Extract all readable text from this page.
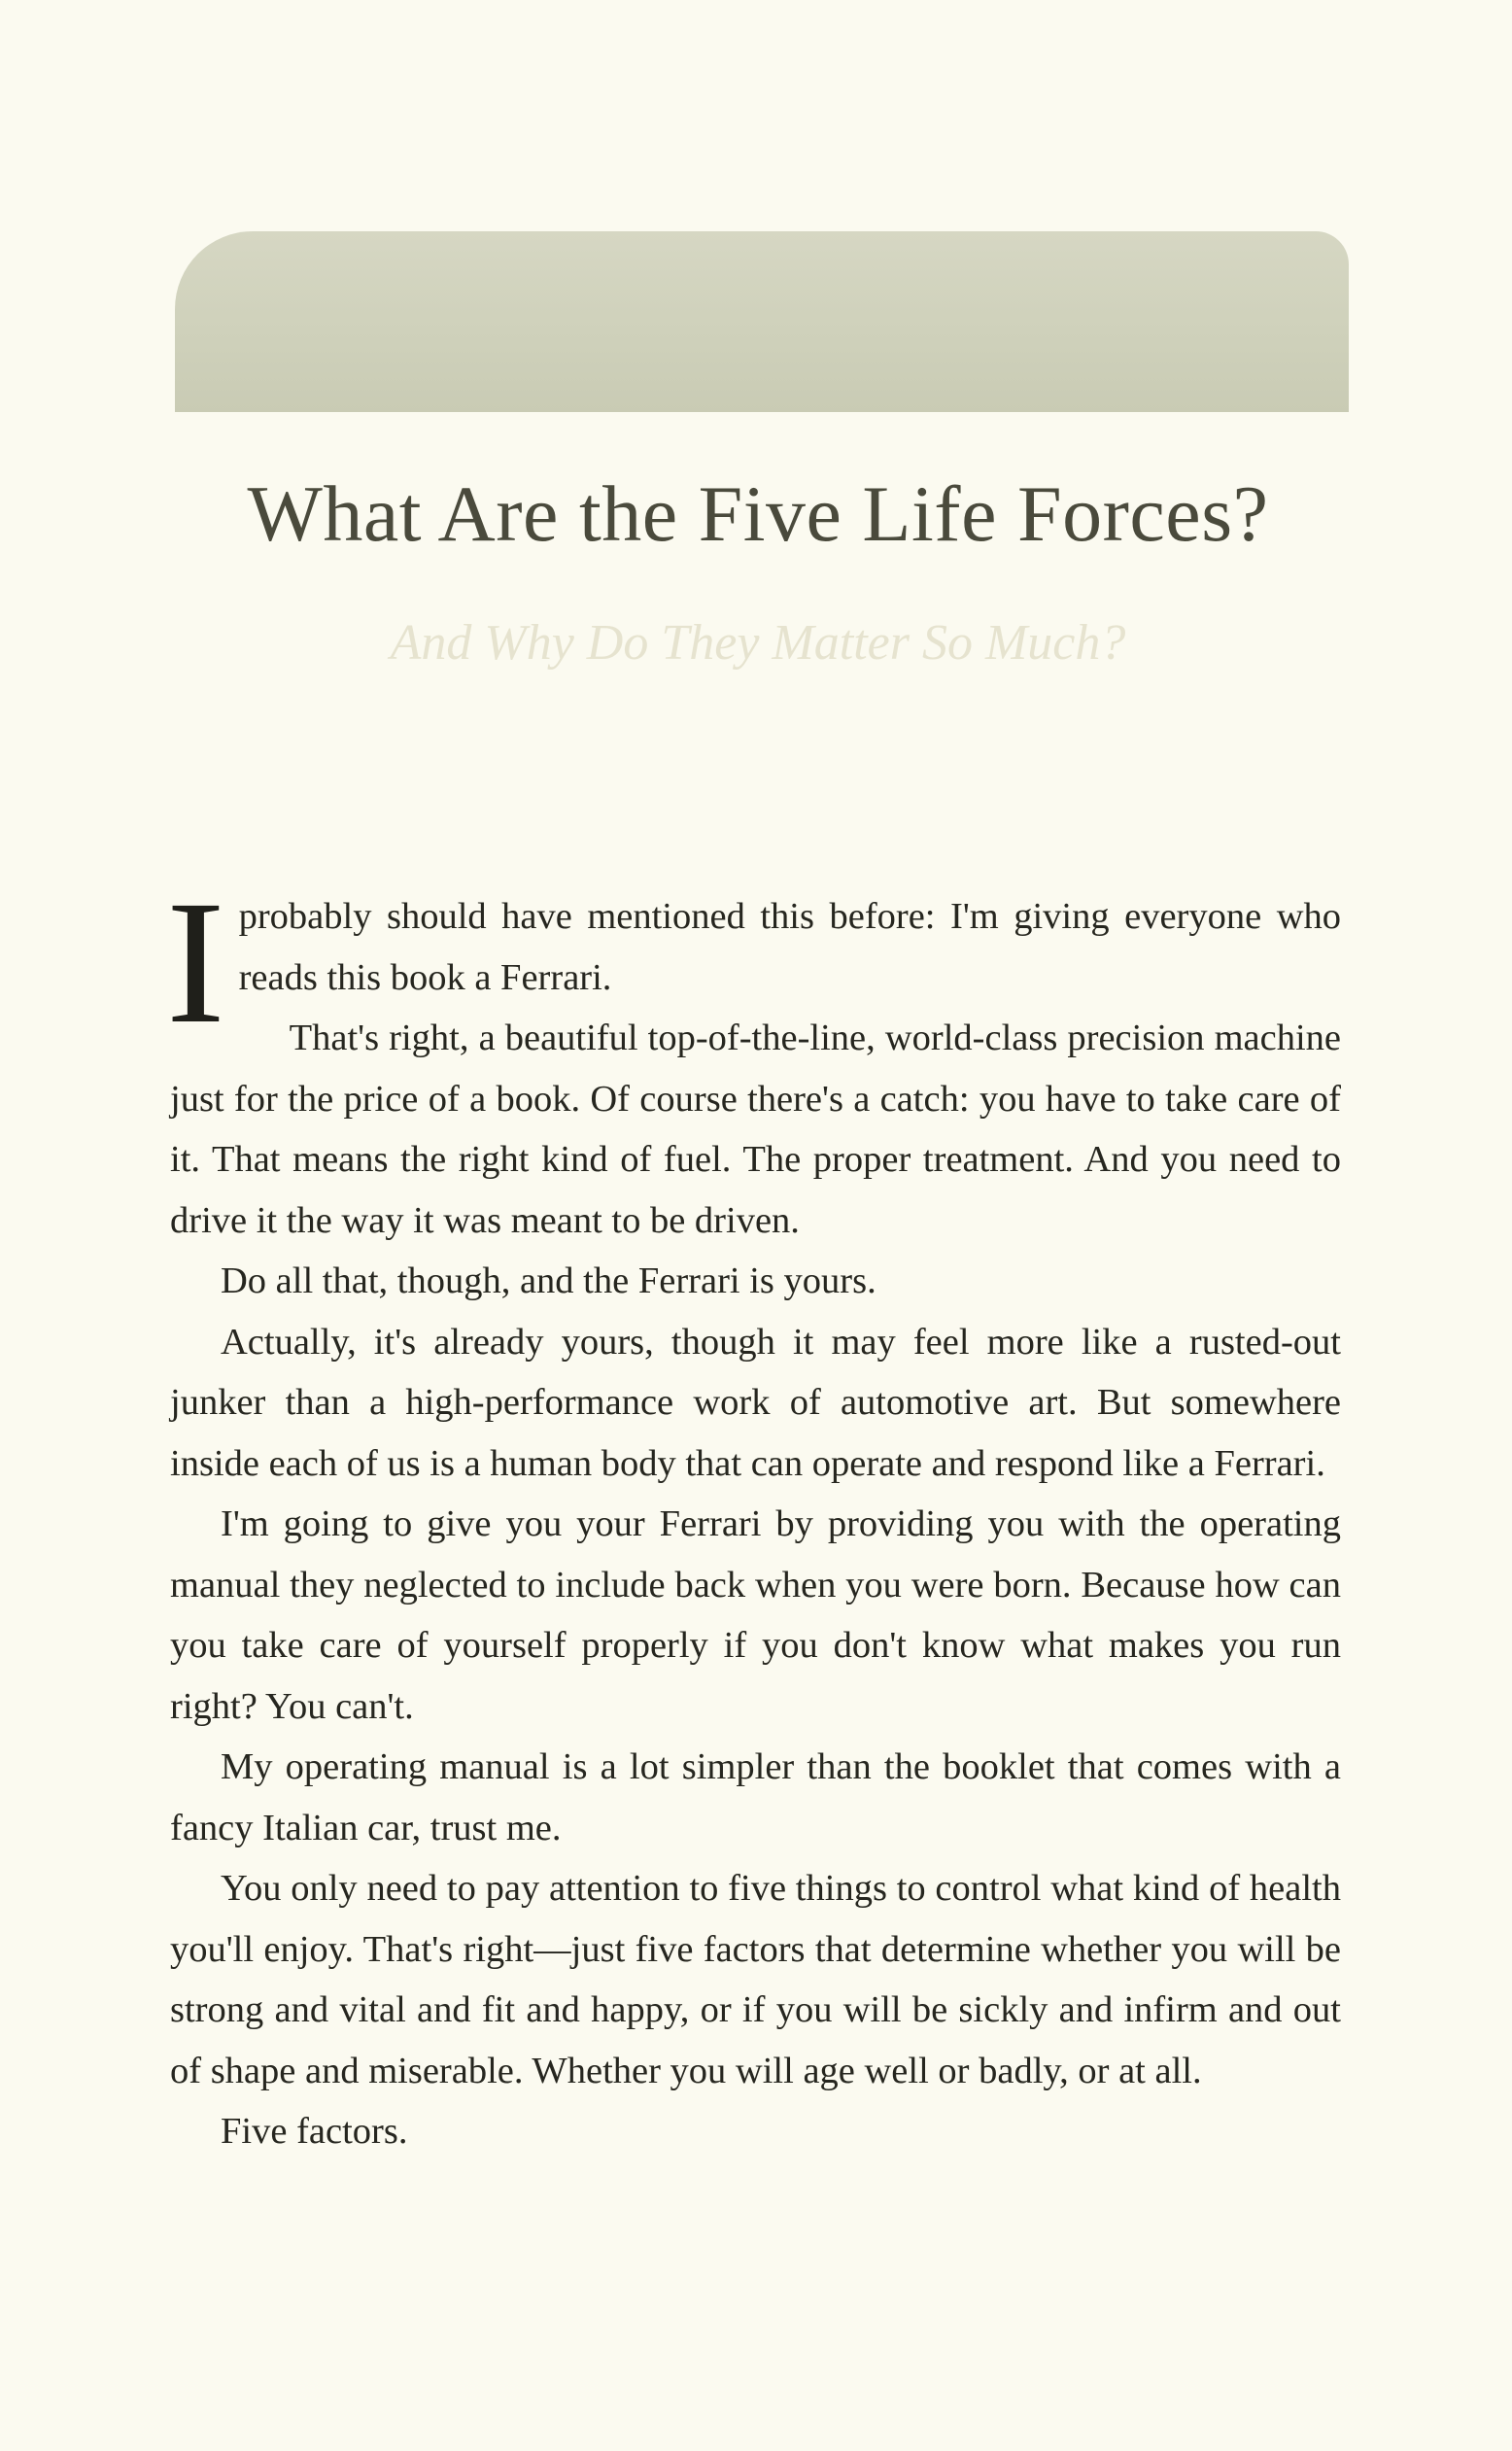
What Are the Five Life Forces?
And Why Do They Matter So Much?

I probably should have mentioned this before: I'm giving everyone who reads this book a Ferrari.

That's right, a beautiful top-of-the-line, world-class precision machine just for the price of a book. Of course there's a catch: you have to take care of it. That means the right kind of fuel. The proper treatment. And you need to drive it the way it was meant to be driven.

Do all that, though, and the Ferrari is yours.

Actually, it's already yours, though it may feel more like a rusted-out junker than a high-performance work of automotive art. But somewhere inside each of us is a human body that can operate and respond like a Ferrari.

I'm going to give you your Ferrari by providing you with the operating manual they neglected to include back when you were born. Because how can you take care of yourself properly if you don't know what makes you run right? You can't.

My operating manual is a lot simpler than the booklet that comes with a fancy Italian car, trust me.

You only need to pay attention to five things to control what kind of health you'll enjoy. That's right—just five factors that determine whether you will be strong and vital and fit and happy, or if you will be sickly and infirm and out of shape and miserable. Whether you will age well or badly, or at all.

Five factors.
